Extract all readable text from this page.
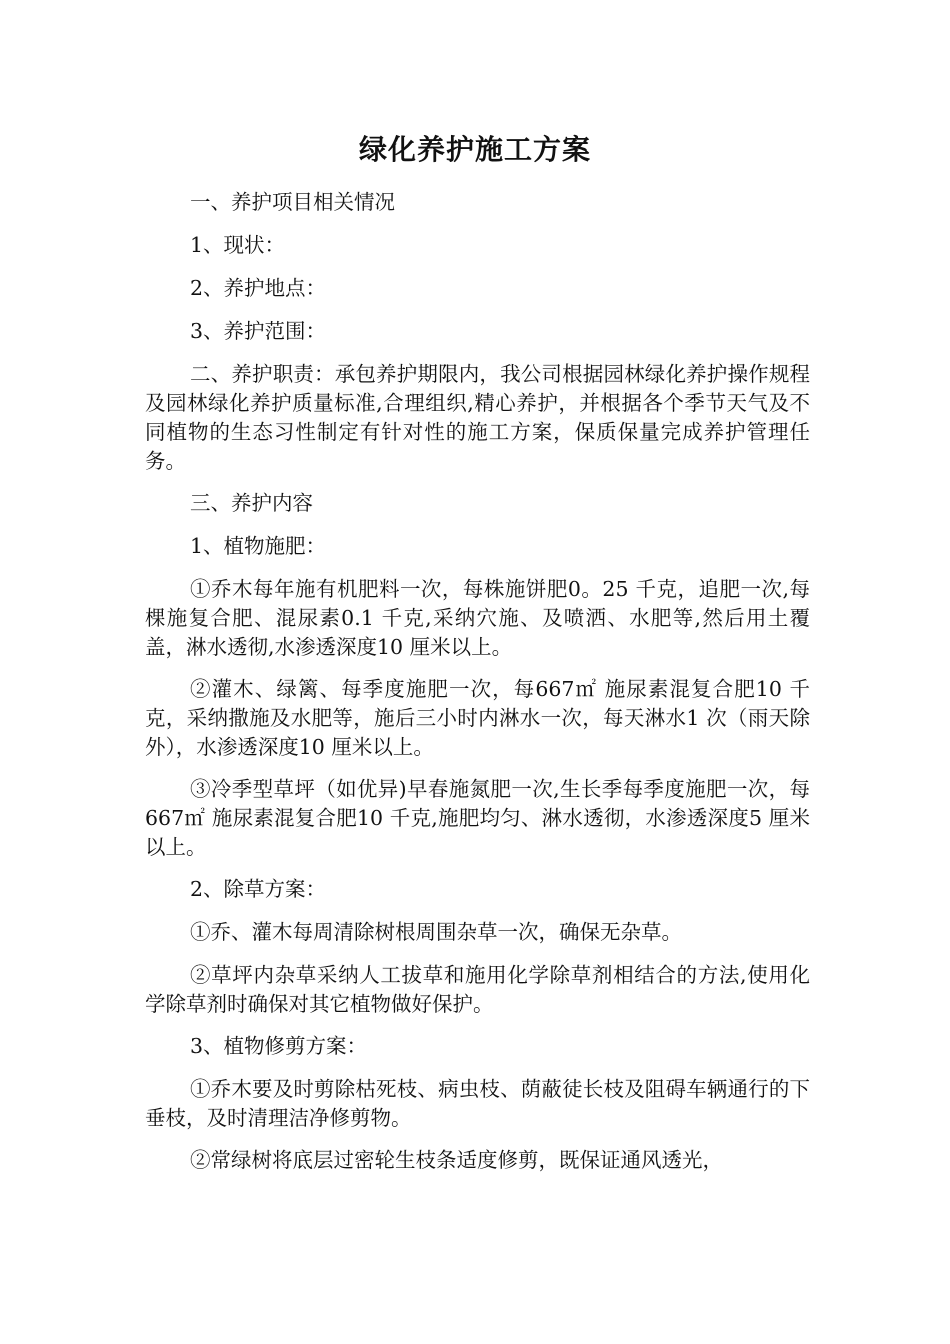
绿化养护施工方案

一、养护项目相关情况

1、现状：

2、养护地点：

3、养护范围：

二、养护职责：承包养护期限内，我公司根据园林绿化养护操作规程及园林绿化养护质量标准,合理组织,精心养护，并根据各个季节天气及不同植物的生态习性制定有针对性的施工方案，保质保量完成养护管理任务。

三、养护内容

1、植物施肥：

①乔木每年施有机肥料一次，每株施饼肥0。25 千克，追肥一次,每棵施复合肥、混尿素0.1 千克,采纳穴施、及喷洒、水肥等,然后用土覆盖，淋水透彻,水渗透深度10 厘米以上。

②灌木、绿篱、每季度施肥一次，每667㎡ 施尿素混复合肥10 千克，采纳撒施及水肥等，施后三小时内淋水一次，每天淋水1 次（雨天除外），水渗透深度10 厘米以上。

③冷季型草坪（如优异)早春施氮肥一次,生长季每季度施肥一次，每667㎡ 施尿素混复合肥10 千克,施肥均匀、淋水透彻，水渗透深度5 厘米以上。

2、除草方案：

①乔、灌木每周清除树根周围杂草一次，确保无杂草。

②草坪内杂草采纳人工拔草和施用化学除草剂相结合的方法,使用化学除草剂时确保对其它植物做好保护。

3、植物修剪方案：

①乔木要及时剪除枯死枝、病虫枝、荫蔽徒长枝及阻碍车辆通行的下垂枝，及时清理洁净修剪物。

②常绿树将底层过密轮生枝条适度修剪，既保证通风透光，
